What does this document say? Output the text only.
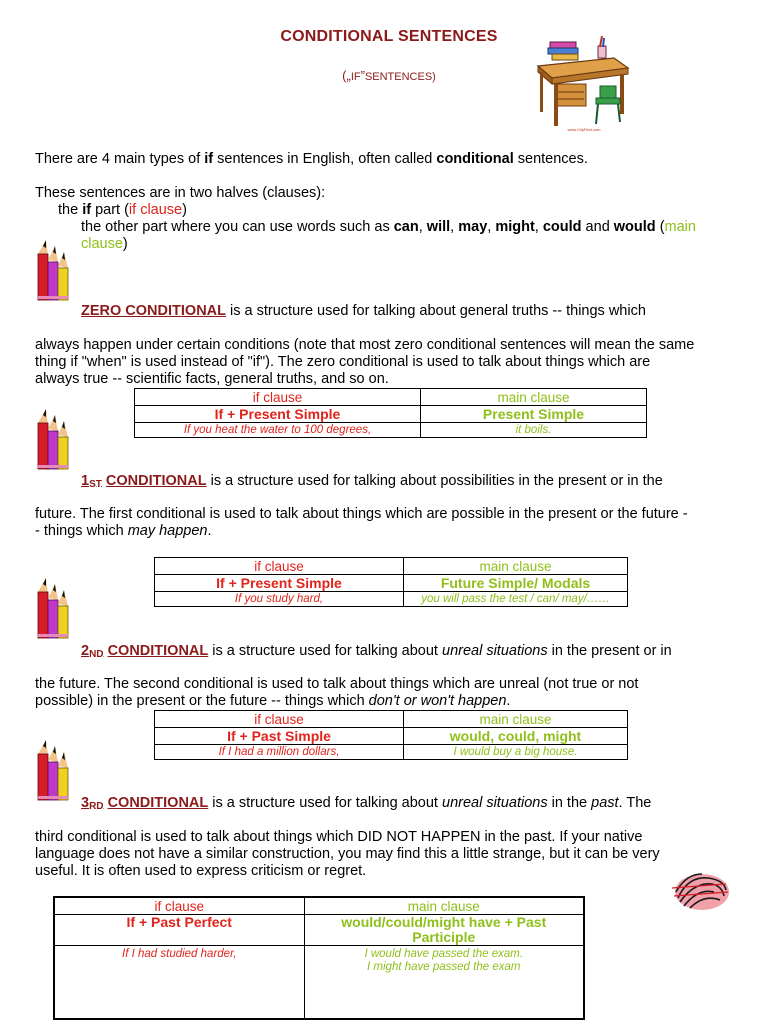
CONDITIONAL SENTENCES
(„IF”SENTENCES)
www.ClipFirst.com

There are 4 main types of if sentences in English, often called conditional sentences.

These sentences are in two halves (clauses):

the if part (if clause)

the other part where you can use words such as can, will, may, might, could and would (main

clause)

ZERO CONDITIONAL is a structure used for talking about general truths -- things which

always happen under certain conditions (note that most zero conditional sentences will mean the same

thing if "when" is used instead of "if"). The zero conditional is used to talk about things which are

always true -- scientific facts, general truths, and so on.

if clause	main clause
If + Present Simple	Present Simple
If you heat the water to 100 degrees,	it boils.

$1_{ST}$ CONDITIONAL is a structure used for talking about possibilities in the present or in the

future. The first conditional is used to talk about things which are possible in the present or the future -

- things which may happen.

if clause	main clause
If + Present Simple	Future Simple/ Modals
If you study hard,	you will pass the test / can/ may/……

$2_{ND}$ CONDITIONAL is a structure used for talking about unreal situations in the present or in

the future. The second conditional is used to talk about things which are unreal (not true or not

possible) in the present or the future -- things which don't or won't happen.

if clause	main clause
If + Past Simple	would, could, might
If I had a million dollars,	I would buy a big house.

$3_{RD}$ CONDITIONAL is a structure used for talking about unreal situations in the past. The

third conditional is used to talk about things which DID NOT HAPPEN in the past. If your native

language does not have a similar construction, you may find this a little strange, but it can be very

useful. It is often used to express criticism or regret.

if clause	main clause
If + Past Perfect	would/could/might have + Past
Participle

If I had studied harder,	I would have passed the exam.
I might have passed the exam
